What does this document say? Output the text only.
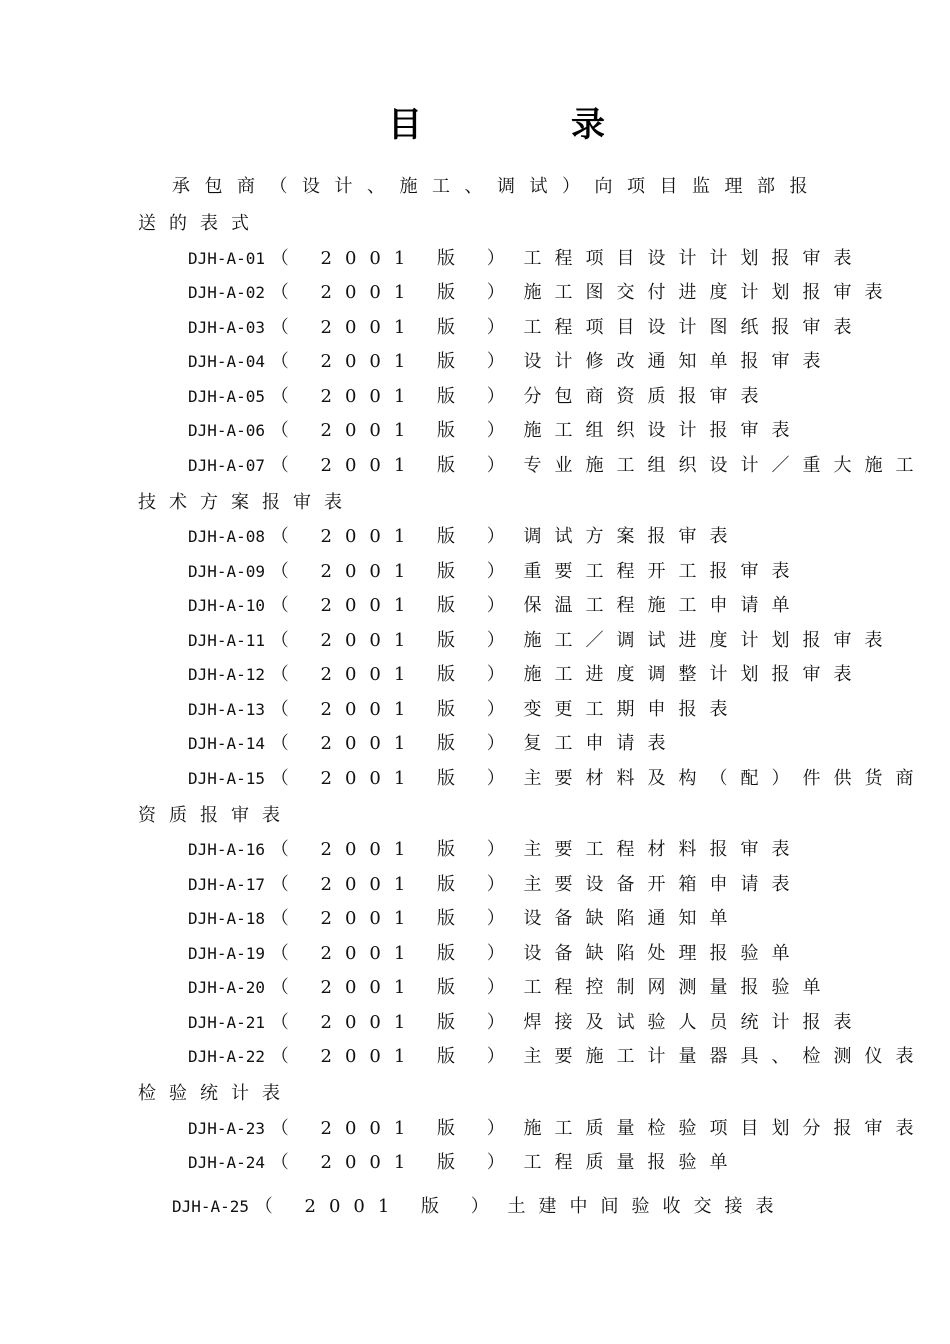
目	录
承包商（设计、施工、调试）向项目监理部报
送的表式
DJH-A-01 （ 2001 版 ） 工程项目设计计划报审表
DJH-A-02 （ 2001 版 ） 施工图交付进度计划报审表
DJH-A-03 （ 2001 版 ） 工程项目设计图纸报审表
DJH-A-04 （ 2001 版 ） 设计修改通知单报审表
DJH-A-05 （ 2001 版 ） 分包商资质报审表
DJH-A-06 （ 2001 版 ） 施工组织设计报审表
DJH-A-07 （ 2001 版 ） 专业施工组织设计／重大施工
技术方案报审表
DJH-A-08 （ 2001 版 ） 调试方案报审表
DJH-A-09 （ 2001 版 ） 重要工程开工报审表
DJH-A-10 （ 2001 版 ） 保温工程施工申请单
DJH-A-11 （ 2001 版 ） 施工／调试进度计划报审表
DJH-A-12 （ 2001 版 ） 施工进度调整计划报审表
DJH-A-13 （ 2001 版 ） 变更工期申报表
DJH-A-14 （ 2001 版 ） 复工申请表
DJH-A-15 （ 2001 版 ） 主要材料及构（配）件供货商
资质报审表
DJH-A-16 （ 2001 版 ） 主要工程材料报审表
DJH-A-17 （ 2001 版 ） 主要设备开箱申请表
DJH-A-18 （ 2001 版 ） 设备缺陷通知单
DJH-A-19 （ 2001 版 ） 设备缺陷处理报验单
DJH-A-20 （ 2001 版 ） 工程控制网测量报验单
DJH-A-21 （ 2001 版 ） 焊接及试验人员统计报表
DJH-A-22 （ 2001 版 ） 主要施工计量器具、检测仪表
检验统计表
DJH-A-23 （ 2001 版 ） 施工质量检验项目划分报审表
DJH-A-24 （ 2001 版 ） 工程质量报验单
DJH-A-25 （ 2001 版 ） 土建中间验收交接表
